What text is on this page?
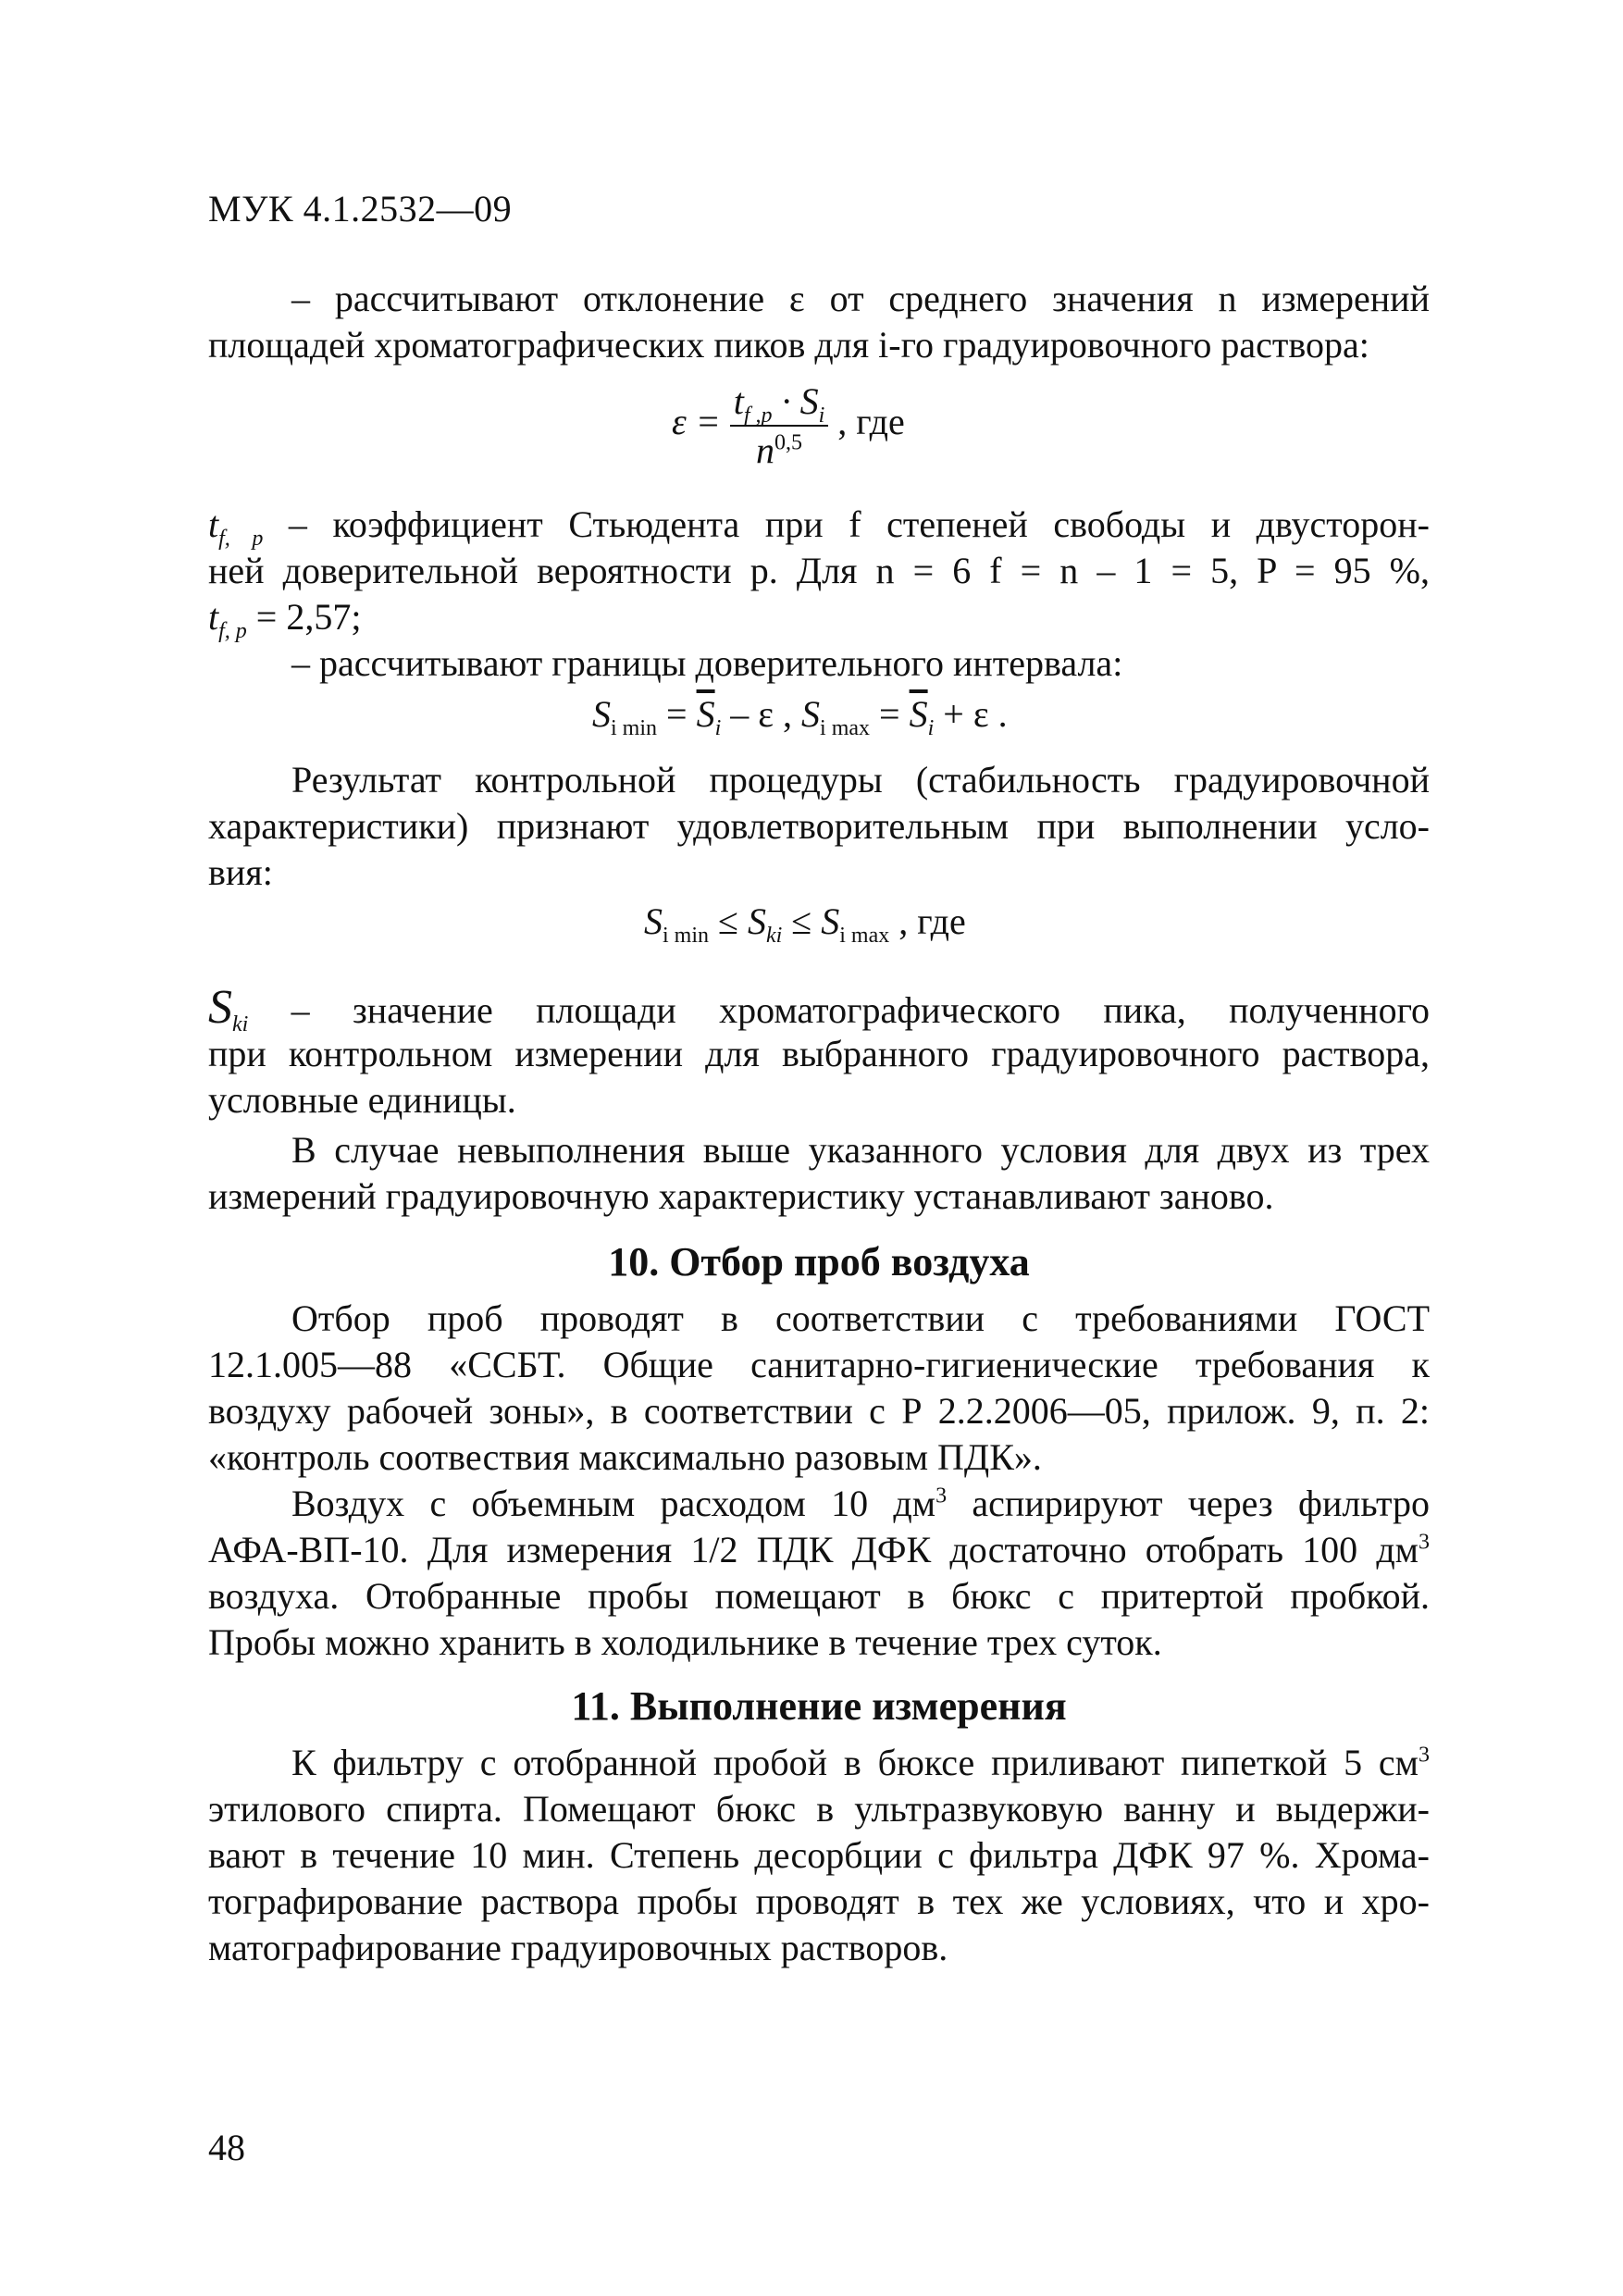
МУК 4.1.2532—09
– рассчитывают отклонение ε от среднего значения n измерений
площадей хроматографических пиков для i-го градуировочного раствора:
$\varepsilon = \frac{t_{f ,p} \cdot S_i}{n^{0,5}}$ , где
$t_{f, p}$ – коэффициент Стьюдента при f степеней свободы и двусторон-
ней доверительной вероятности p. Для n = 6 f = n – 1 = 5, P = 95 %,
$t_{f, p} = 2,57$;
– рассчитывают границы доверительного интервала:
$S_{i min} = \overline{S}_i - \varepsilon$ , $S_{i max} = \overline{S}_i + \varepsilon$ .
Результат контрольной процедуры (стабильность градуировочной
характеристики) признают удовлетворительным при выполнении усло-
вия:
$S_{i min} \le S_{ki} \le S_{i max}$ , где
$S_{ki}$ – значение площади хроматографического пика, полученного
при контрольном измерении для выбранного градуировочного раствора,
условные единицы.
В случае невыполнения выше указанного условия для двух из трех
измерений градуировочную характеристику устанавливают заново.
10. Отбор проб воздуха
Отбор проб проводят в соответствии с требованиями ГОСТ
12.1.005—88 «ССБТ. Общие санитарно-гигиенические требования к
воздуху рабочей зоны», в соответствии с Р 2.2.2006—05, прилож. 9, п. 2:
«контроль соотвествия максимально разовым ПДК».
Воздух с объемным расходом 10 $дм^3$ аспирируют через фильтро
АФА-ВП-10. Для измерения 1/2 ПДК ДФК достаточно отобрать 100 $дм^3$
воздуха. Отобранные пробы помещают в бюкс с притертой пробкой.
Пробы можно хранить в холодильнике в течение трех суток.
11. Выполнение измерения
К фильтру с отобранной пробой в бюксе приливают пипеткой 5 $см^3$
этилового спирта. Помещают бюкс в ультразвуковую ванну и выдержи-
вают в течение 10 мин. Степень десорбции с фильтра ДФК 97 %. Хрома-
тографирование раствора пробы проводят в тех же условиях, что и хро-
матографирование градуировочных растворов.
48
